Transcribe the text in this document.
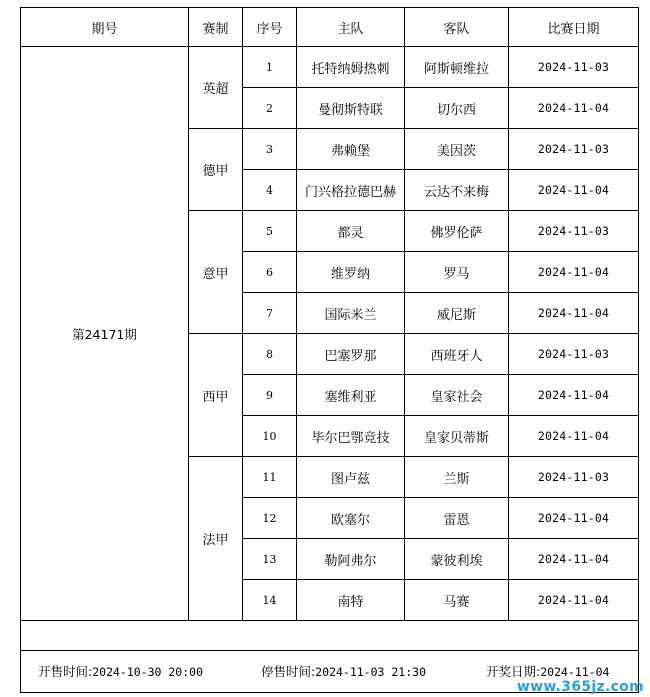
期号	赛制	序号	主队	客队	比赛日期
第24171期	英超	1	托特纳姆热刺	阿斯顿维拉	2024-11-03
		2	曼彻斯特联	切尔西	2024-11-04
	德甲	3	弗赖堡	美因茨	2024-11-03
		4	门兴格拉德巴赫	云达不来梅	2024-11-04
	意甲	5	都灵	佛罗伦萨	2024-11-03
		6	维罗纳	罗马	2024-11-04
		7	国际米兰	威尼斯	2024-11-04
	西甲	8	巴塞罗那	西班牙人	2024-11-03
		9	塞维利亚	皇家社会	2024-11-04
		10	毕尔巴鄂竞技	皇家贝蒂斯	2024-11-04
	法甲	11	图卢兹	兰斯	2024-11-03
		12	欧塞尔	雷恩	2024-11-04
		13	勒阿弗尔	蒙彼利埃	2024-11-04
		14	南特	马赛	2024-11-04
开售时间:2024-10-30 20:00	停售时间:2024-11-03 21:30	开奖日期:2024-11-04
www.365jz.com
